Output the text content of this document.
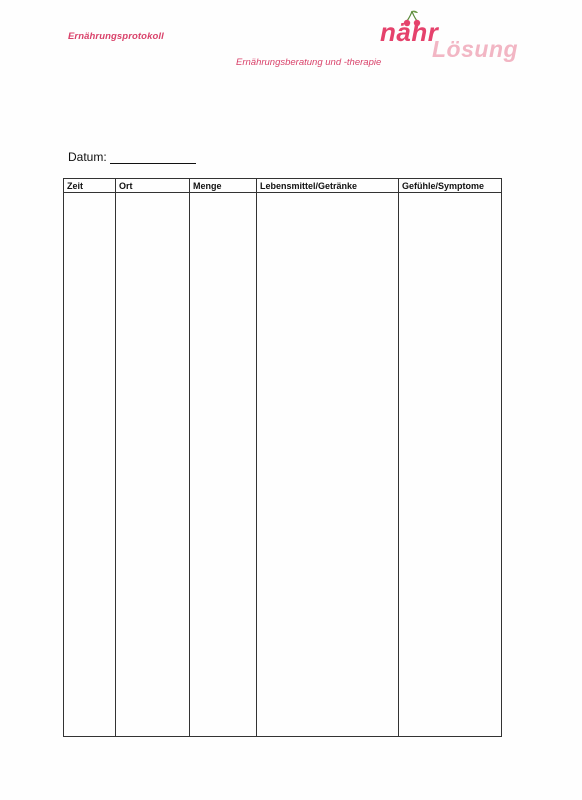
Ernährungsprotokoll	nähr
Lösung
Ernährungsberatung und -therapie
Datum:
Zeit	Ort	Menge	Lebensmittel/Getränke	Gefühle/Symptome
